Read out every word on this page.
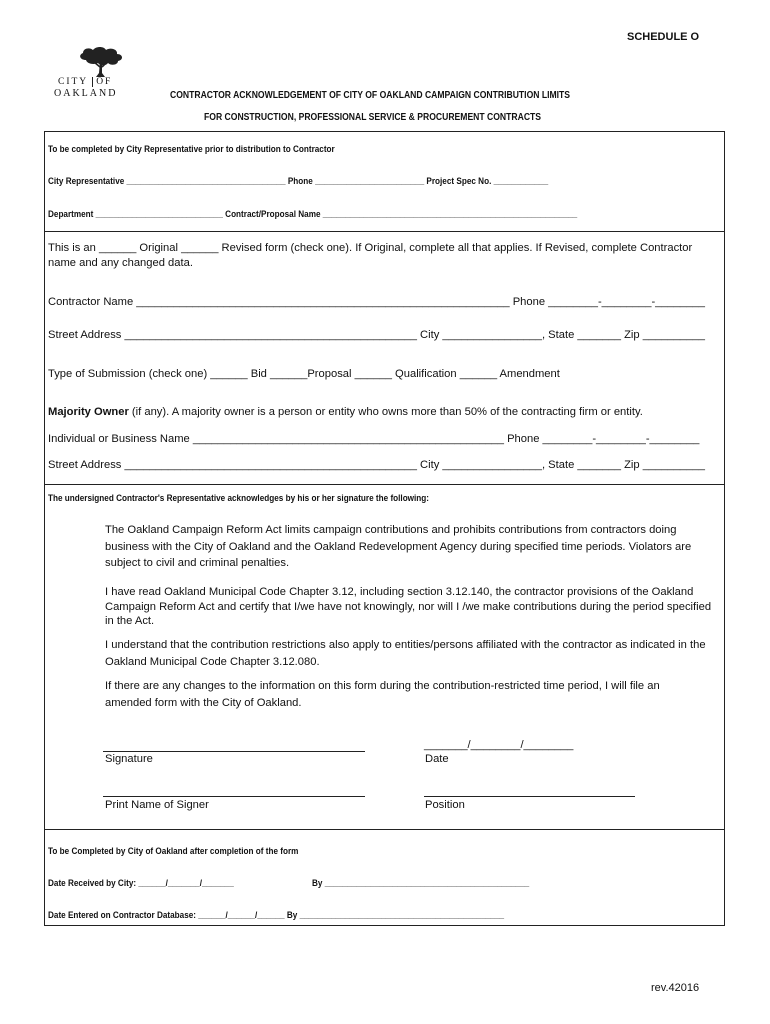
SCHEDULE O
CITY OF
OAKLAND	CONTRACTOR ACKNOWLEDGEMENT OF CITY OF OAKLAND CAMPAIGN CONTRIBUTION LIMITS
FOR CONSTRUCTION, PROFESSIONAL SERVICE & PROCUREMENT CONTRACTS
To be completed by City Representative prior to distribution to Contractor
City Representative ___________________________________ Phone ________________________ Project Spec No. ____________
Department ____________________________ Contract/Proposal Name ________________________________________________________
This is an ______ Original ______ Revised form (check one). If Original, complete all that applies. If Revised, complete Contractor
name and any changed data.
Contractor Name ____________________________________________________________ Phone ________-________-________
Street Address _______________________________________________ City ________________, State _______ Zip __________
Type of Submission (check one) ______ Bid ______Proposal ______ Qualification ______ Amendment
Majority Owner (if any). A majority owner is a person or entity who owns more than 50% of the contracting firm or entity.
Individual or Business Name __________________________________________________ Phone ________-________-________
Street Address _______________________________________________ City ________________, State _______ Zip __________
The undersigned Contractor's Representative acknowledges by his or her signature the following:
The Oakland Campaign Reform Act limits campaign contributions and prohibits contributions from contractors doing business with the City of Oakland and the Oakland Redevelopment Agency during specified time periods. Violators are subject to civil and criminal penalties.
I have read Oakland Municipal Code Chapter 3.12, including section 3.12.140, the contractor provisions of the Oakland Campaign Reform Act and certify that I/we have not knowingly, nor will I /we make contributions during the period specified in the Act.
I understand that the contribution restrictions also apply to entities/persons affiliated with the contractor as indicated in the Oakland Municipal Code Chapter 3.12.080.
If there are any changes to the information on this form during the contribution-restricted time period, I will file an amended form with the City of Oakland.
_______/________/________
Signature	Date
Print Name of Signer	Position
To be Completed by City of Oakland after completion of the form
Date Received by City: ______/_______/_______	By _____________________________________________
Date Entered on Contractor Database: ______/______/______ By _____________________________________________
rev.42016
